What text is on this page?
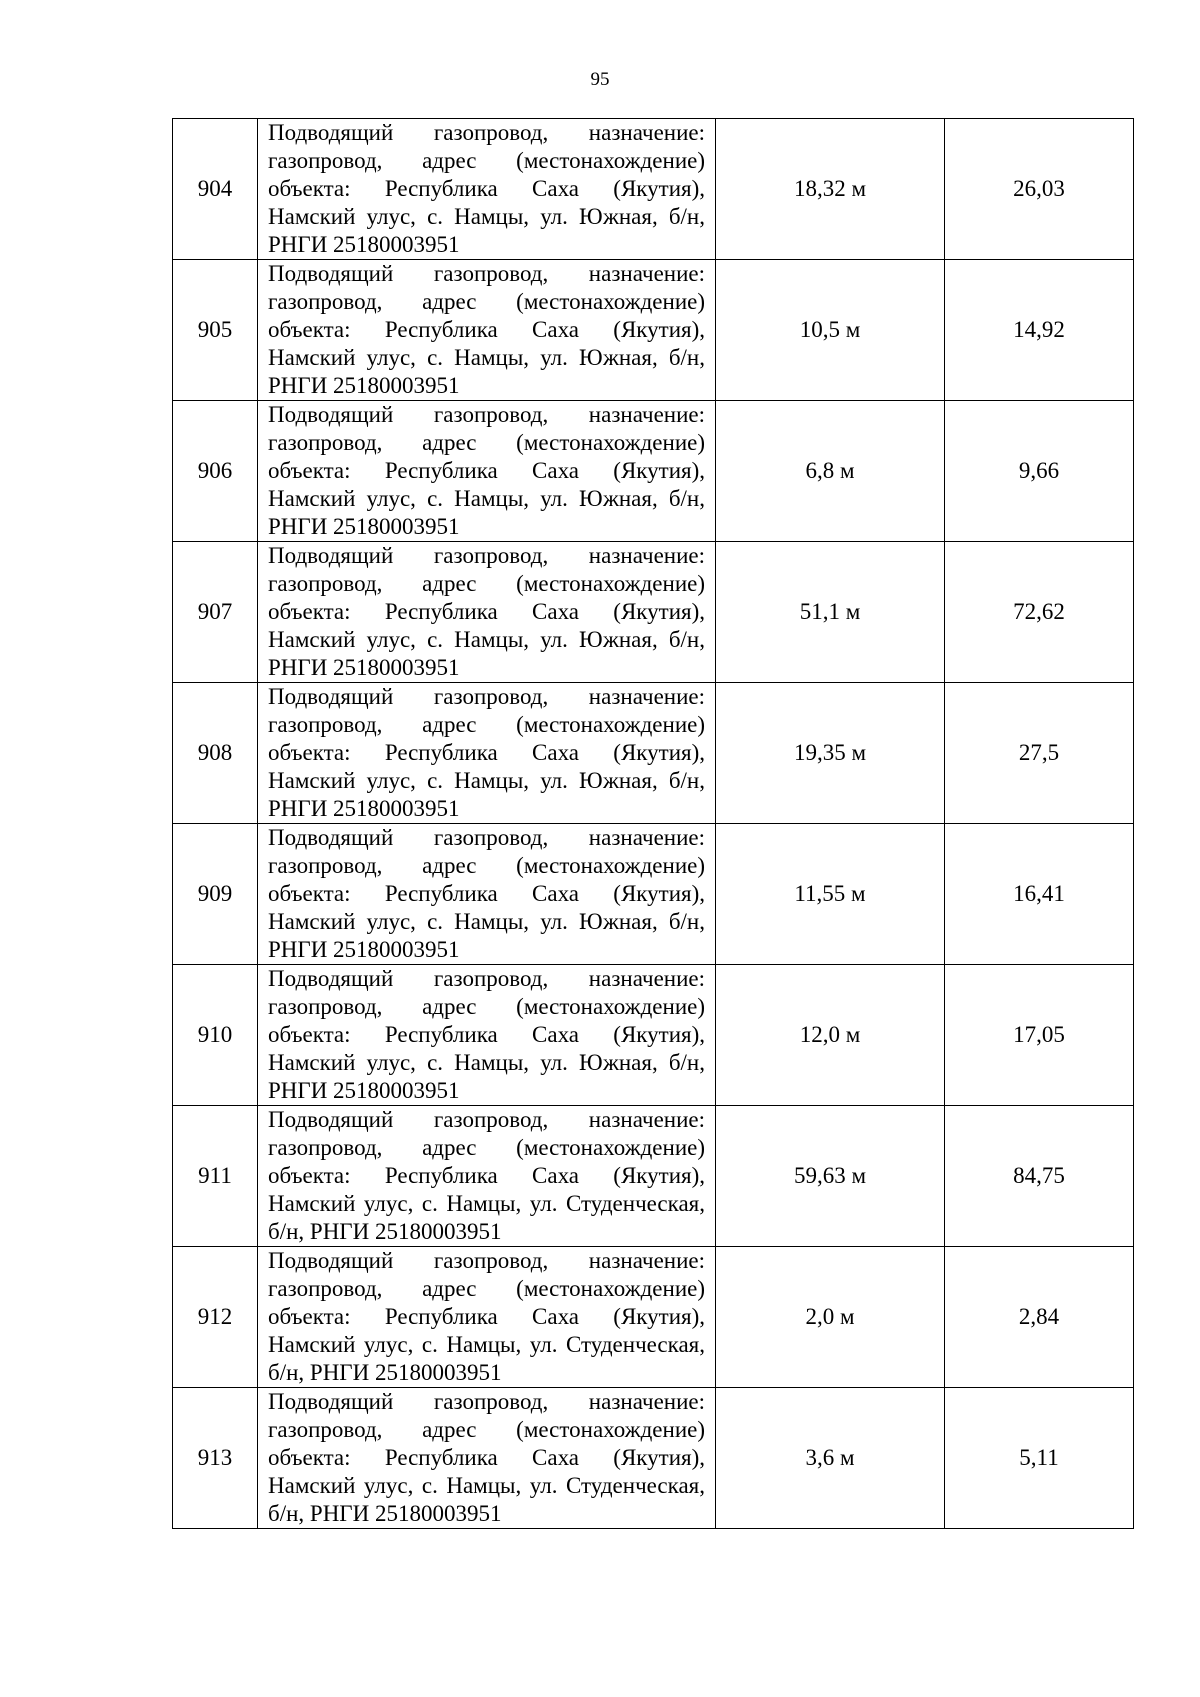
95
904	Подводящий газопровод, назначение: газопровод, адрес (местонахождение) объекта: Республика Саха (Якутия), Намский улус, с. Намцы, ул. Южная, б/н, РНГИ 25180003951	18,32 м	26,03
905	Подводящий газопровод, назначение: газопровод, адрес (местонахождение) объекта: Республика Саха (Якутия), Намский улус, с. Намцы, ул. Южная, б/н, РНГИ 25180003951	10,5 м	14,92
906	Подводящий газопровод, назначение: газопровод, адрес (местонахождение) объекта: Республика Саха (Якутия), Намский улус, с. Намцы, ул. Южная, б/н, РНГИ 25180003951	6,8 м	9,66
907	Подводящий газопровод, назначение: газопровод, адрес (местонахождение) объекта: Республика Саха (Якутия), Намский улус, с. Намцы, ул. Южная, б/н, РНГИ 25180003951	51,1 м	72,62
908	Подводящий газопровод, назначение: газопровод, адрес (местонахождение) объекта: Республика Саха (Якутия), Намский улус, с. Намцы, ул. Южная, б/н, РНГИ 25180003951	19,35 м	27,5
909	Подводящий газопровод, назначение: газопровод, адрес (местонахождение) объекта: Республика Саха (Якутия), Намский улус, с. Намцы, ул. Южная, б/н, РНГИ 25180003951	11,55 м	16,41
910	Подводящий газопровод, назначение: газопровод, адрес (местонахождение) объекта: Республика Саха (Якутия), Намский улус, с. Намцы, ул. Южная, б/н, РНГИ 25180003951	12,0 м	17,05
911	Подводящий газопровод, назначение: газопровод, адрес (местонахождение) объекта: Республика Саха (Якутия), Намский улус, с. Намцы, ул. Студенческая, б/н, РНГИ 25180003951	59,63 м	84,75
912	Подводящий газопровод, назначение: газопровод, адрес (местонахождение) объекта: Республика Саха (Якутия), Намский улус, с. Намцы, ул. Студенческая, б/н, РНГИ 25180003951	2,0 м	2,84
913	Подводящий газопровод, назначение: газопровод, адрес (местонахождение) объекта: Республика Саха (Якутия), Намский улус, с. Намцы, ул. Студенческая, б/н, РНГИ 25180003951	3,6 м	5,11
